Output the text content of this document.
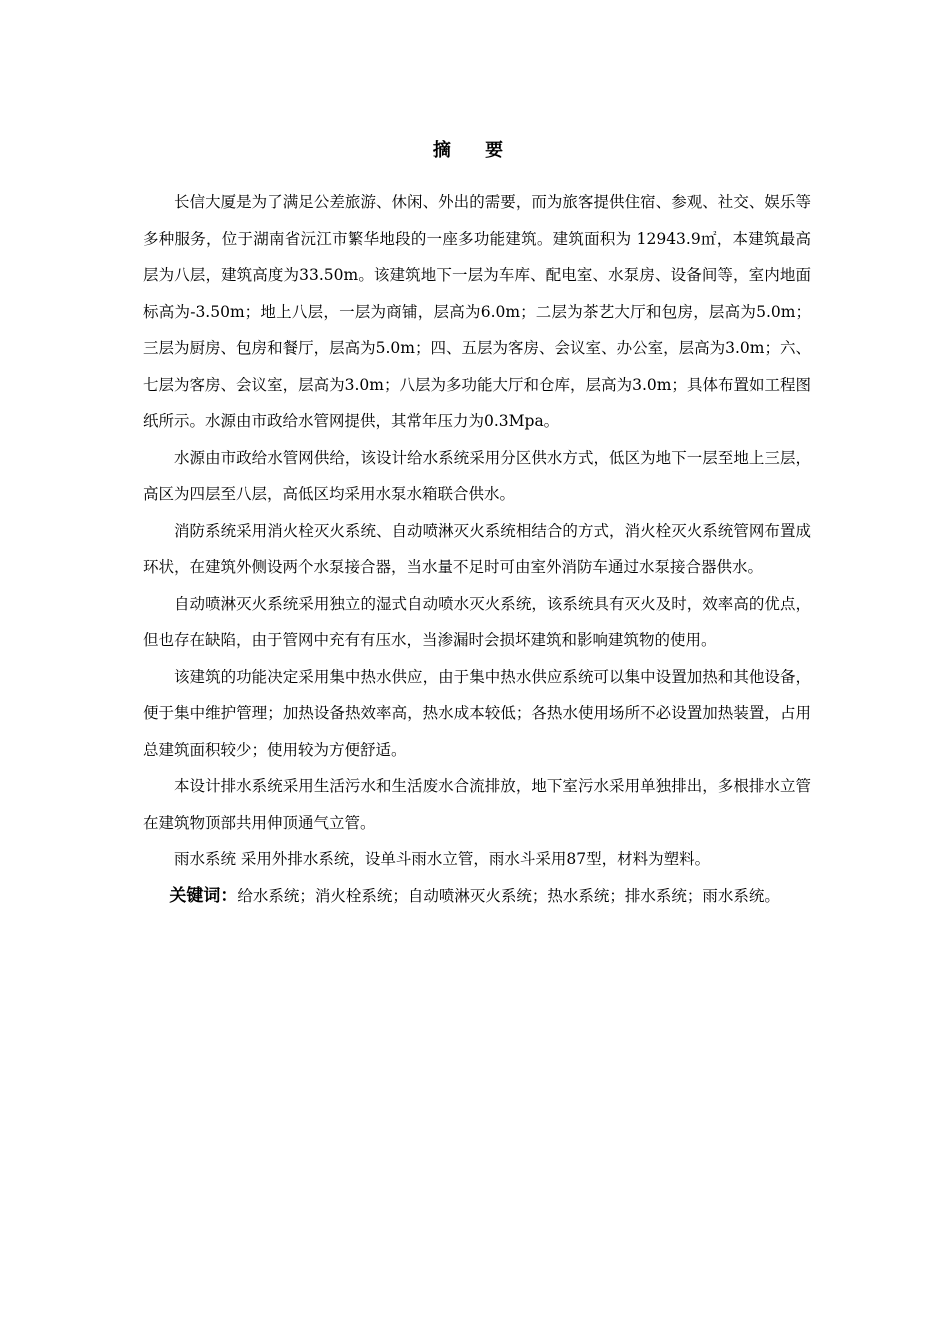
摘 要

长信大厦是为了满足公差旅游、休闲、外出的需要，而为旅客提供住宿、参观、社交、娱乐等多种服务，位于湖南省沅江市繁华地段的一座多功能建筑。建筑面积为 12943.9㎡，本建筑最高层为八层，建筑高度为33.50m。该建筑地下一层为车库、配电室、水泵房、设备间等，室内地面标高为-3.50m；地上八层，一层为商铺，层高为6.0m；二层为茶艺大厅和包房，层高为5.0m；三层为厨房、包房和餐厅，层高为5.0m；四、五层为客房、会议室、办公室，层高为3.0m；六、七层为客房、会议室，层高为3.0m；八层为多功能大厅和仓库，层高为3.0m；具体布置如工程图纸所示。水源由市政给水管网提供，其常年压力为0.3Mpa。

水源由市政给水管网供给，该设计给水系统采用分区供水方式，低区为地下一层至地上三层，高区为四层至八层，高低区均采用水泵水箱联合供水。

消防系统采用消火栓灭火系统、自动喷淋灭火系统相结合的方式，消火栓灭火系统管网布置成环状，在建筑外侧设两个水泵接合器，当水量不足时可由室外消防车通过水泵接合器供水。

自动喷淋灭火系统采用独立的湿式自动喷水灭火系统，该系统具有灭火及时，效率高的优点，但也存在缺陷，由于管网中充有有压水，当渗漏时会损坏建筑和影响建筑物的使用。

该建筑的功能决定采用集中热水供应，由于集中热水供应系统可以集中设置加热和其他设备，便于集中维护管理；加热设备热效率高，热水成本较低；各热水使用场所不必设置加热装置，占用总建筑面积较少；使用较为方便舒适。

本设计排水系统采用生活污水和生活废水合流排放，地下室污水采用单独排出，多根排水立管在建筑物顶部共用伸顶通气立管。

雨水系统 采用外排水系统，设单斗雨水立管，雨水斗采用87型，材料为塑料。

关键词：给水系统；消火栓系统；自动喷淋灭火系统；热水系统；排水系统；雨水系统。
